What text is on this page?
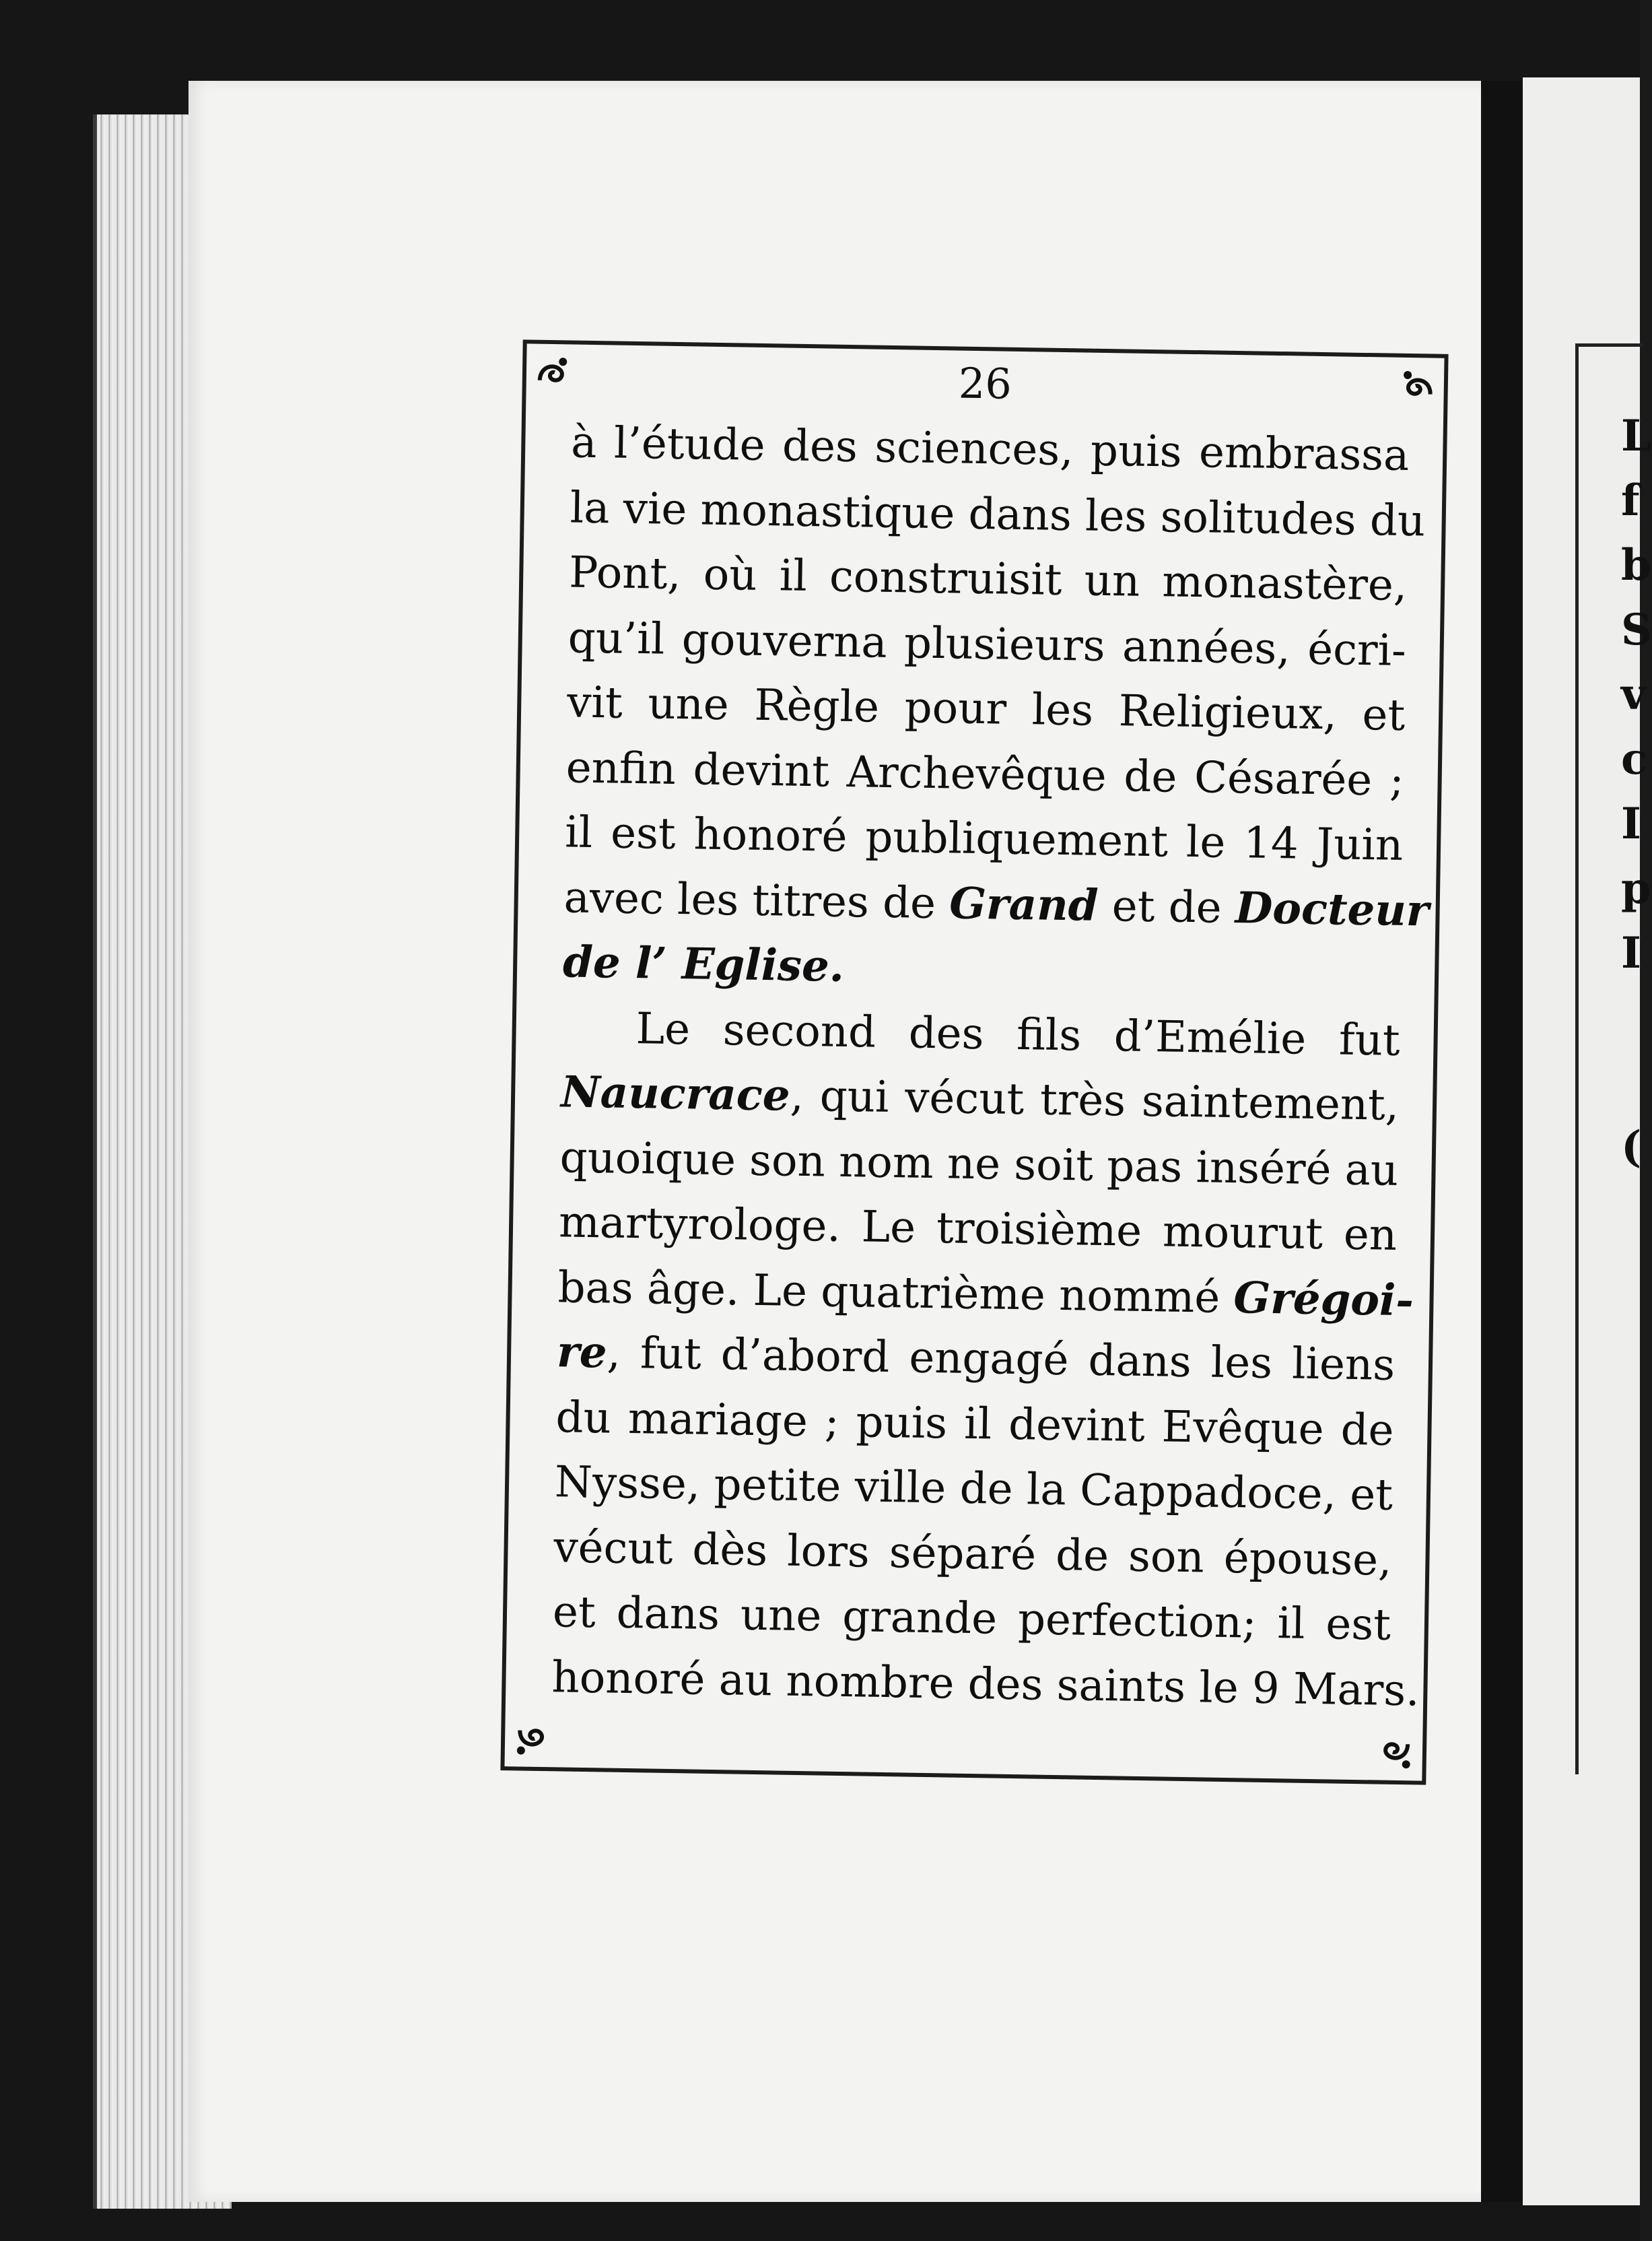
26
à l’étude des sciences, puis embrassa
la vie monastique dans les solitudes du
Pont, où il construisit un monastère,
qu’il gouverna plusieurs années, écri-
vit une Règle pour les Religieux, et
enfin devint Archevêque de Césarée ;
il est honoré publiquement le 14 Juin
avec les titres de Grand et de Docteur
de l’ Eglise.
Le second des fils d’Emélie fut
Naucrace, qui vécut très saintement,
quoique son nom ne soit pas inséré au
martyrologe. Le troisième mourut en
bas âge. Le quatrième nommé Grégoi-
re, fut d’abord engagé dans les liens
du mariage ; puis il devint Evêque de
Nysse, petite ville de la Cappadoce, et
vécut dès lors séparé de son épouse,
et dans une grande perfection; il est
honoré au nombre des saints le 9 Mars.
L
f
b
S
v
c
I
p
I
(
